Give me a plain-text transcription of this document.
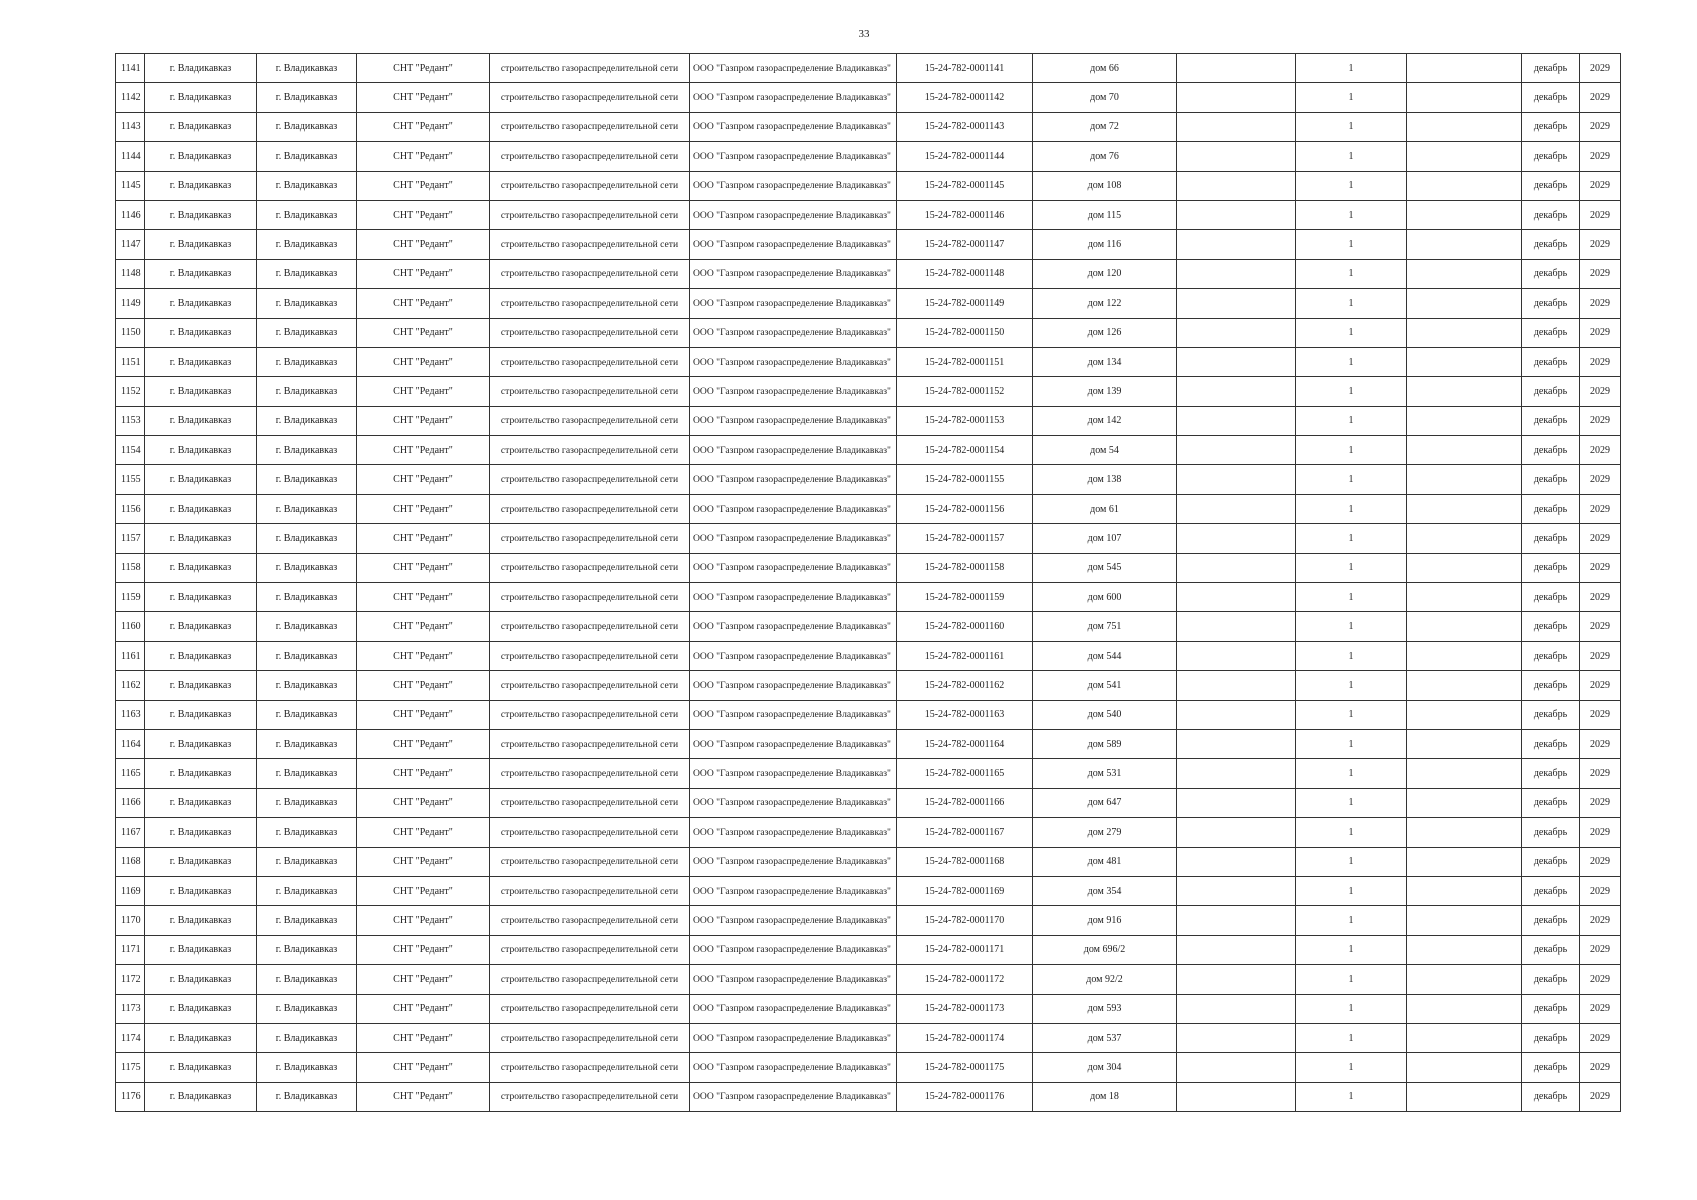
33
1141	г. Владикавказ	г. Владикавказ	СНТ "Редант"	строительство газораспределительной сети	ООО "Газпром газораспределение Владикавказ"	15-24-782-0001141	дом 66		1		декабрь	2029
1142	г. Владикавказ	г. Владикавказ	СНТ "Редант"	строительство газораспределительной сети	ООО "Газпром газораспределение Владикавказ"	15-24-782-0001142	дом 70		1		декабрь	2029
1143	г. Владикавказ	г. Владикавказ	СНТ "Редант"	строительство газораспределительной сети	ООО "Газпром газораспределение Владикавказ"	15-24-782-0001143	дом 72		1		декабрь	2029
1144	г. Владикавказ	г. Владикавказ	СНТ "Редант"	строительство газораспределительной сети	ООО "Газпром газораспределение Владикавказ"	15-24-782-0001144	дом 76		1		декабрь	2029
1145	г. Владикавказ	г. Владикавказ	СНТ "Редант"	строительство газораспределительной сети	ООО "Газпром газораспределение Владикавказ"	15-24-782-0001145	дом 108		1		декабрь	2029
1146	г. Владикавказ	г. Владикавказ	СНТ "Редант"	строительство газораспределительной сети	ООО "Газпром газораспределение Владикавказ"	15-24-782-0001146	дом 115		1		декабрь	2029
1147	г. Владикавказ	г. Владикавказ	СНТ "Редант"	строительство газораспределительной сети	ООО "Газпром газораспределение Владикавказ"	15-24-782-0001147	дом 116		1		декабрь	2029
1148	г. Владикавказ	г. Владикавказ	СНТ "Редант"	строительство газораспределительной сети	ООО "Газпром газораспределение Владикавказ"	15-24-782-0001148	дом 120		1		декабрь	2029
1149	г. Владикавказ	г. Владикавказ	СНТ "Редант"	строительство газораспределительной сети	ООО "Газпром газораспределение Владикавказ"	15-24-782-0001149	дом 122		1		декабрь	2029
1150	г. Владикавказ	г. Владикавказ	СНТ "Редант"	строительство газораспределительной сети	ООО "Газпром газораспределение Владикавказ"	15-24-782-0001150	дом 126		1		декабрь	2029
1151	г. Владикавказ	г. Владикавказ	СНТ "Редант"	строительство газораспределительной сети	ООО "Газпром газораспределение Владикавказ"	15-24-782-0001151	дом 134		1		декабрь	2029
1152	г. Владикавказ	г. Владикавказ	СНТ "Редант"	строительство газораспределительной сети	ООО "Газпром газораспределение Владикавказ"	15-24-782-0001152	дом 139		1		декабрь	2029
1153	г. Владикавказ	г. Владикавказ	СНТ "Редант"	строительство газораспределительной сети	ООО "Газпром газораспределение Владикавказ"	15-24-782-0001153	дом 142		1		декабрь	2029
1154	г. Владикавказ	г. Владикавказ	СНТ "Редант"	строительство газораспределительной сети	ООО "Газпром газораспределение Владикавказ"	15-24-782-0001154	дом 54		1		декабрь	2029
1155	г. Владикавказ	г. Владикавказ	СНТ "Редант"	строительство газораспределительной сети	ООО "Газпром газораспределение Владикавказ"	15-24-782-0001155	дом 138		1		декабрь	2029
1156	г. Владикавказ	г. Владикавказ	СНТ "Редант"	строительство газораспределительной сети	ООО "Газпром газораспределение Владикавказ"	15-24-782-0001156	дом 61		1		декабрь	2029
1157	г. Владикавказ	г. Владикавказ	СНТ "Редант"	строительство газораспределительной сети	ООО "Газпром газораспределение Владикавказ"	15-24-782-0001157	дом 107		1		декабрь	2029
1158	г. Владикавказ	г. Владикавказ	СНТ "Редант"	строительство газораспределительной сети	ООО "Газпром газораспределение Владикавказ"	15-24-782-0001158	дом 545		1		декабрь	2029
1159	г. Владикавказ	г. Владикавказ	СНТ "Редант"	строительство газораспределительной сети	ООО "Газпром газораспределение Владикавказ"	15-24-782-0001159	дом 600		1		декабрь	2029
1160	г. Владикавказ	г. Владикавказ	СНТ "Редант"	строительство газораспределительной сети	ООО "Газпром газораспределение Владикавказ"	15-24-782-0001160	дом 751		1		декабрь	2029
1161	г. Владикавказ	г. Владикавказ	СНТ "Редант"	строительство газораспределительной сети	ООО "Газпром газораспределение Владикавказ"	15-24-782-0001161	дом 544		1		декабрь	2029
1162	г. Владикавказ	г. Владикавказ	СНТ "Редант"	строительство газораспределительной сети	ООО "Газпром газораспределение Владикавказ"	15-24-782-0001162	дом 541		1		декабрь	2029
1163	г. Владикавказ	г. Владикавказ	СНТ "Редант"	строительство газораспределительной сети	ООО "Газпром газораспределение Владикавказ"	15-24-782-0001163	дом 540		1		декабрь	2029
1164	г. Владикавказ	г. Владикавказ	СНТ "Редант"	строительство газораспределительной сети	ООО "Газпром газораспределение Владикавказ"	15-24-782-0001164	дом 589		1		декабрь	2029
1165	г. Владикавказ	г. Владикавказ	СНТ "Редант"	строительство газораспределительной сети	ООО "Газпром газораспределение Владикавказ"	15-24-782-0001165	дом 531		1		декабрь	2029
1166	г. Владикавказ	г. Владикавказ	СНТ "Редант"	строительство газораспределительной сети	ООО "Газпром газораспределение Владикавказ"	15-24-782-0001166	дом 647		1		декабрь	2029
1167	г. Владикавказ	г. Владикавказ	СНТ "Редант"	строительство газораспределительной сети	ООО "Газпром газораспределение Владикавказ"	15-24-782-0001167	дом 279		1		декабрь	2029
1168	г. Владикавказ	г. Владикавказ	СНТ "Редант"	строительство газораспределительной сети	ООО "Газпром газораспределение Владикавказ"	15-24-782-0001168	дом 481		1		декабрь	2029
1169	г. Владикавказ	г. Владикавказ	СНТ "Редант"	строительство газораспределительной сети	ООО "Газпром газораспределение Владикавказ"	15-24-782-0001169	дом 354		1		декабрь	2029
1170	г. Владикавказ	г. Владикавказ	СНТ "Редант"	строительство газораспределительной сети	ООО "Газпром газораспределение Владикавказ"	15-24-782-0001170	дом 916		1		декабрь	2029
1171	г. Владикавказ	г. Владикавказ	СНТ "Редант"	строительство газораспределительной сети	ООО "Газпром газораспределение Владикавказ"	15-24-782-0001171	дом 696/2		1		декабрь	2029
1172	г. Владикавказ	г. Владикавказ	СНТ "Редант"	строительство газораспределительной сети	ООО "Газпром газораспределение Владикавказ"	15-24-782-0001172	дом 92/2		1		декабрь	2029
1173	г. Владикавказ	г. Владикавказ	СНТ "Редант"	строительство газораспределительной сети	ООО "Газпром газораспределение Владикавказ"	15-24-782-0001173	дом 593		1		декабрь	2029
1174	г. Владикавказ	г. Владикавказ	СНТ "Редант"	строительство газораспределительной сети	ООО "Газпром газораспределение Владикавказ"	15-24-782-0001174	дом 537		1		декабрь	2029
1175	г. Владикавказ	г. Владикавказ	СНТ "Редант"	строительство газораспределительной сети	ООО "Газпром газораспределение Владикавказ"	15-24-782-0001175	дом 304		1		декабрь	2029
1176	г. Владикавказ	г. Владикавказ	СНТ "Редант"	строительство газораспределительной сети	ООО "Газпром газораспределение Владикавказ"	15-24-782-0001176	дом 18		1		декабрь	2029
